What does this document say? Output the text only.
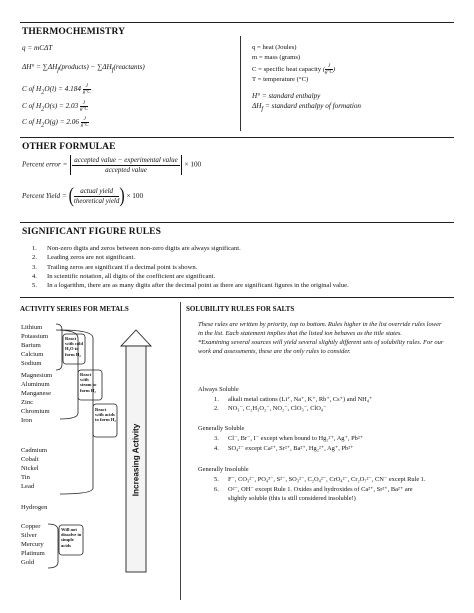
THERMOCHEMISTRY
q = mCΔT
$\Delta H^\circ = \sum\Delta H_f(products)$ − $\sum\Delta H_f(reactants)$
C of $H_2O(l) = 4.184 \frac{J}{g^\circ C}$
C of $H_2O(s) = 2.03 \frac{J}{g^\circ C}$
C of $H_2O(g) = 2.06 \frac{J}{g^\circ C}$
q = heat (Joules)
m = mass (grams)
C = specific heat capacity ( $\frac{J}{g^\circ C}$ )
T = temperature (°C)
H° = standard enthalpy
$\Delta H_f$ = standard enthalpy of formation
OTHER FORMULAE
Percent error = $\frac{\text{accepted value − experimental value}}{\text{accepted value}} \times 100$
Percent Yield = ( $\frac{\text{actual yield}}{\text{theoretical yield}}$ ) × 100
SIGNIFICANT FIGURE RULES
1. Non-zero digits and zeros between non-zero digits are always significant.
2. Leading zeros are not significant.
3. Trailing zeros are significant if a decimal point is shown.
4. In scientific notation, all digits of the coefficient are significant.
5. In a logarithm, there are as many digits after the decimal point as there are significant figures in the original value.
ACTIVITY SERIES FOR METALS
Lithium
Potassium
Barium
Calcium
Sodium
Magnesium
Aluminum
Manganese
Zinc
Chromium
Iron
Cadmium
Cobalt
Nickel
Tin
Lead
Hydrogen
Copper
Silver
Mercury
Platinum
Gold
React with cold H₂O to form H₂
React with steam to form H₂
React with acids to form H₂
Will not dissolve in simple acids
Increasing Activity
SOLUBILITY RULES FOR SALTS
These rules are written by priority, top to bottom. Rules higher in the list override rules lower in the list. Each statement implies that the listed ion behaves as the title states.
*Examining several sources will yield several slightly different sets of solubility rules. For our work and assessments, these are the only rules to consider.
Always Soluble
1. alkali metal cations (Li⁺, Na⁺, K⁺, Rb⁺, Cs⁺) and NH₄⁺
2. NO₃⁻, C₂H₃O₂⁻, NO₂⁻, ClO₃⁻, ClO₄⁻
Generally Soluble
3. Cl⁻, Br⁻, I⁻ except when bound to Hg₂²⁺, Ag⁺, Pb²⁺
4. SO₄²⁻ except Ca²⁺, Sr²⁺, Ba²⁺, Hg₂²⁺, Ag⁺, Pb²⁺
Generally Insoluble
5. F⁻, CO₃²⁻, PO₄³⁻, S²⁻, SO₃²⁻, C₂O₄²⁻, CrO₄²⁻, Cr₂O₇²⁻, CN⁻ except Rule 1.
6. O²⁻, OH⁻ except Rule 1. Oxides and hydroxides of Ca²⁺, Sr²⁺, Ba²⁺ are
slightly soluble (this is still considered insoluble!)
